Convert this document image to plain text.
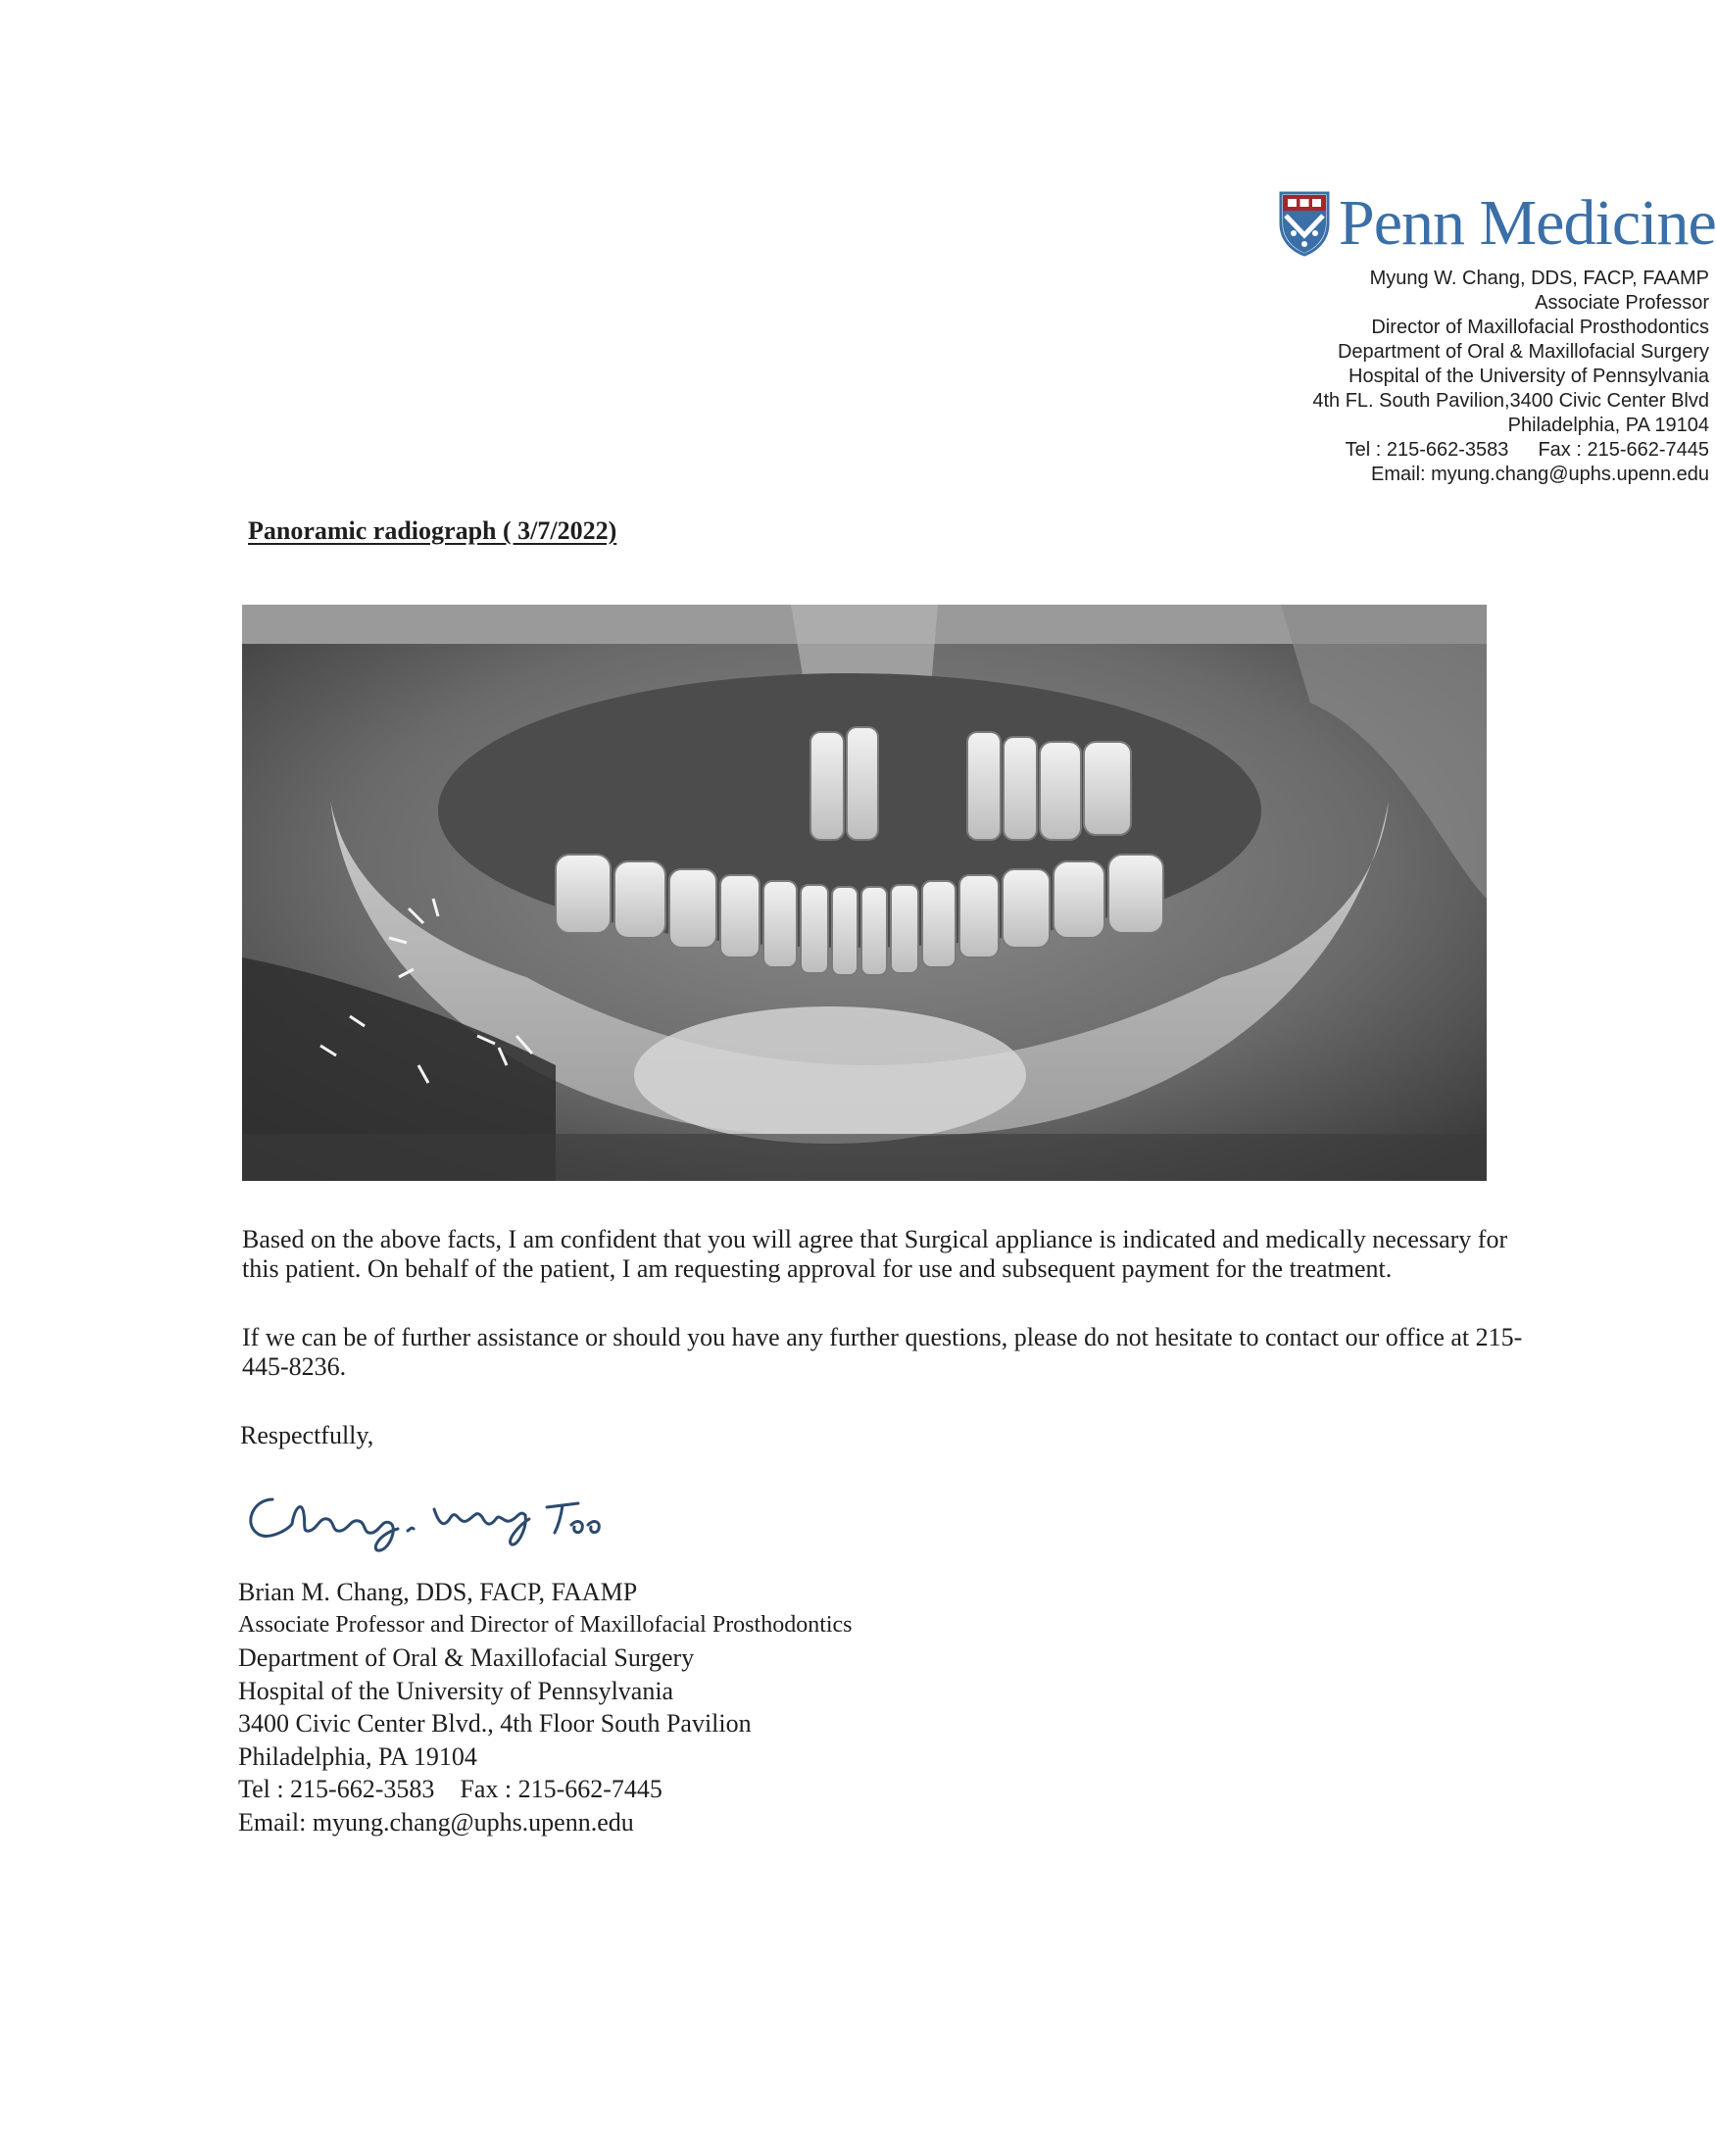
Penn Medicine
Myung W. Chang, DDS, FACP, FAAMP
Associate Professor
Director of Maxillofacial Prosthodontics
Department of Oral & Maxillofacial Surgery
Hospital of the University of Pennsylvania
4th FL. South Pavilion,3400 Civic Center Blvd
Philadelphia, PA 19104
Tel : 215-662-3583 Fax : 215-662-7445
Email: myung.chang@uphs.upenn.edu
Panoramic radiograph ( 3/7/2022)
Based on the above facts, I am confident that you will agree that Surgical appliance is indicated and medically necessary for
this patient. On behalf of the patient, I am requesting approval for use and subsequent payment for the treatment.
If we can be of further assistance or should you have any further questions, please do not hesitate to contact our office at 215-
445-8236.
Respectfully,
Brian M. Chang, DDS, FACP, FAAMP
Associate Professor and Director of Maxillofacial Prosthodontics
Department of Oral & Maxillofacial Surgery
Hospital of the University of Pennsylvania
3400 Civic Center Blvd., 4th Floor South Pavilion
Philadelphia, PA 19104
Tel : 215-662-3583 Fax : 215-662-7445
Email: myung.chang@uphs.upenn.edu
